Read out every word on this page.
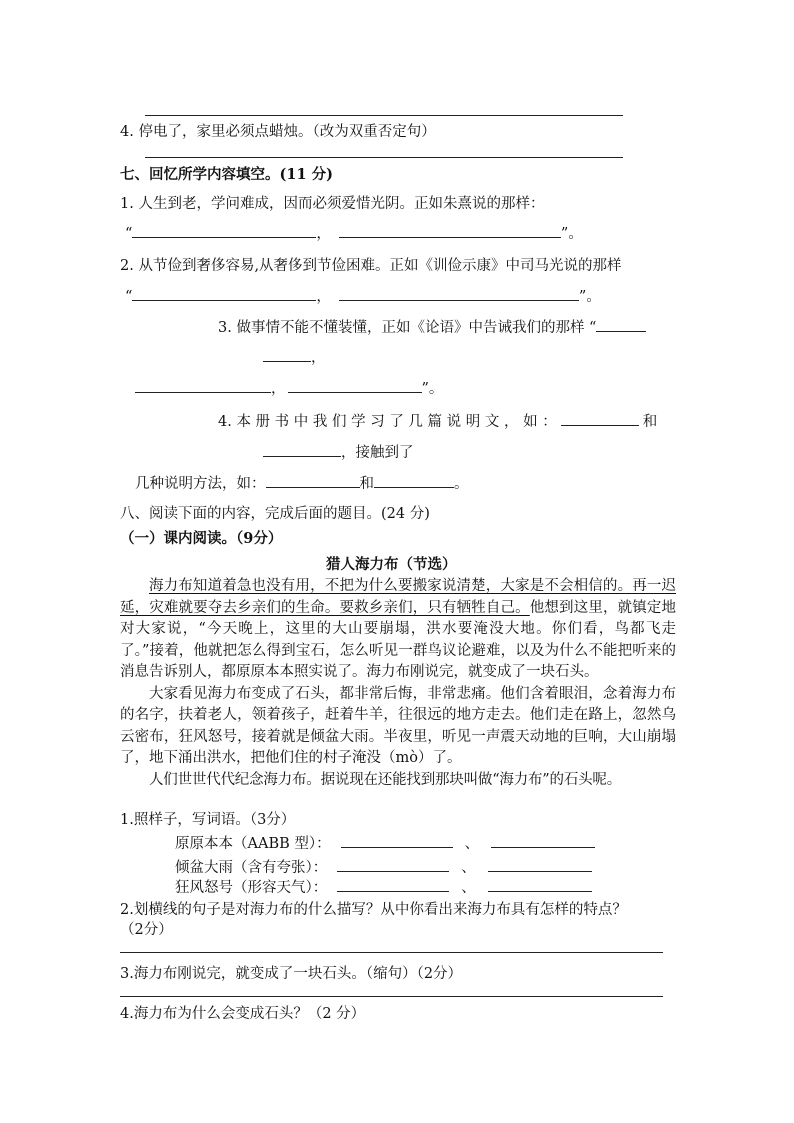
4. 停电了，家里必须点蜡烛。（改为双重否定句）
七、回忆所学内容填空。(11 分)
1. 人生到老，学问难成，因而必须爱惜光阴。正如朱熹说的那样：
“	，	”。
2. 从节俭到奢侈容易,从奢侈到节俭困难。正如《训俭示康》中司马光说的那样
“	，	”。
3. 做事情不能不懂装懂，正如《论语》中告诫我们的那样 “
，
，	”。
4. 本 册 书 中 我 们 学 习 了 几 篇 说 明 文 ， 如 ：	和
，接触到了
几种说明方法，如：	和	。
八、阅读下面的内容，完成后面的题目。(24 分)
（一）课内阅读。（9分）
猎人海力布（节选）

海力布知道着急也没有用，不把为什么要搬家说清楚，大家是不会相信的。再一迟延，灾难就要夺去乡亲们的生命。要救乡亲们，只有牺牲自己。他想到这里，就镇定地对大家说，“今天晚上，这里的大山要崩塌，洪水要淹没大地。你们看，鸟都飞走了。”接着，他就把怎么得到宝石，怎么听见一群鸟议论避难，以及为什么不能把听来的消息告诉别人，都原原本本照实说了。海力布刚说完，就变成了一块石头。

大家看见海力布变成了石头，都非常后悔，非常悲痛。他们含着眼泪，念着海力布的名字，扶着老人，领着孩子，赶着牛羊，往很远的地方走去。他们走在路上，忽然乌云密布，狂风怒号，接着就是倾盆大雨。半夜里，听见一声震天动地的巨响，大山崩塌了，地下涌出洪水，把他们住的村子淹没（mò）了。

人们世世代代纪念海力布。据说现在还能找到那块叫做“海力布”的石头呢。

1.照样子，写词语。（3分）
原原本本（AABB 型）：	、
倾盆大雨（含有夸张）：	、
狂风怒号（形容天气）：	、
2.划横线的句子是对海力布的什么描写？从中你看出来海力布具有怎样的特点？
（2分）
3.海力布刚说完，就变成了一块石头。（缩句）（2分）
4.海力布为什么会变成石头？（2 分）
